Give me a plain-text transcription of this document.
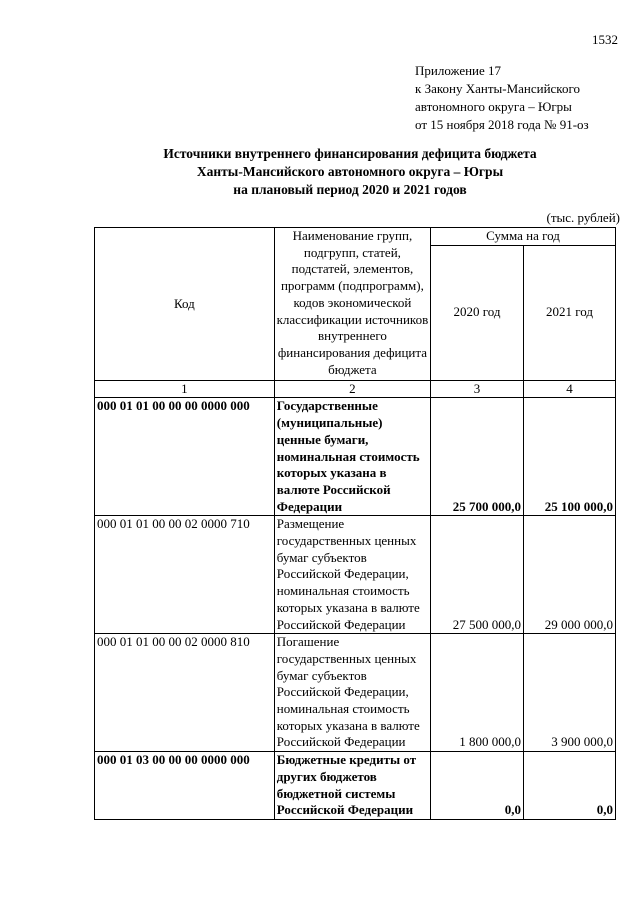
1532
Приложение 17
к Закону Ханты-Мансийского
автономного округа – Югры
от 15 ноября 2018 года № 91-оз
Источники внутреннего финансирования дефицита бюджета
Ханты-Мансийского автономного округа – Югры
на плановый период 2020 и 2021 годов
(тыс. рублей)
Код	Наименование групп, подгрупп, статей, подстатей, элементов, программ (подпрограмм), кодов экономической классификации источников внутреннего финансирования дефицита бюджета	Сумма на год	
		2020 год	2021 год
1	2	3	4
000 01 01 00 00 00 0000 000	Государственные (муниципальные) ценные бумаги, номинальная стоимость которых указана в валюте Российской Федерации	25 700 000,0	25 100 000,0
000 01 01 00 00 02 0000 710	Размещение государственных ценных бумаг субъектов Российской Федерации, номинальная стоимость которых указана в валюте Российской Федерации	27 500 000,0	29 000 000,0
000 01 01 00 00 02 0000 810	Погашение государственных ценных бумаг субъектов Российской Федерации, номинальная стоимость которых указана в валюте Российской Федерации	1 800 000,0	3 900 000,0
000 01 03 00 00 00 0000 000	Бюджетные кредиты от других бюджетов бюджетной системы Российской Федерации	0,0	0,0
